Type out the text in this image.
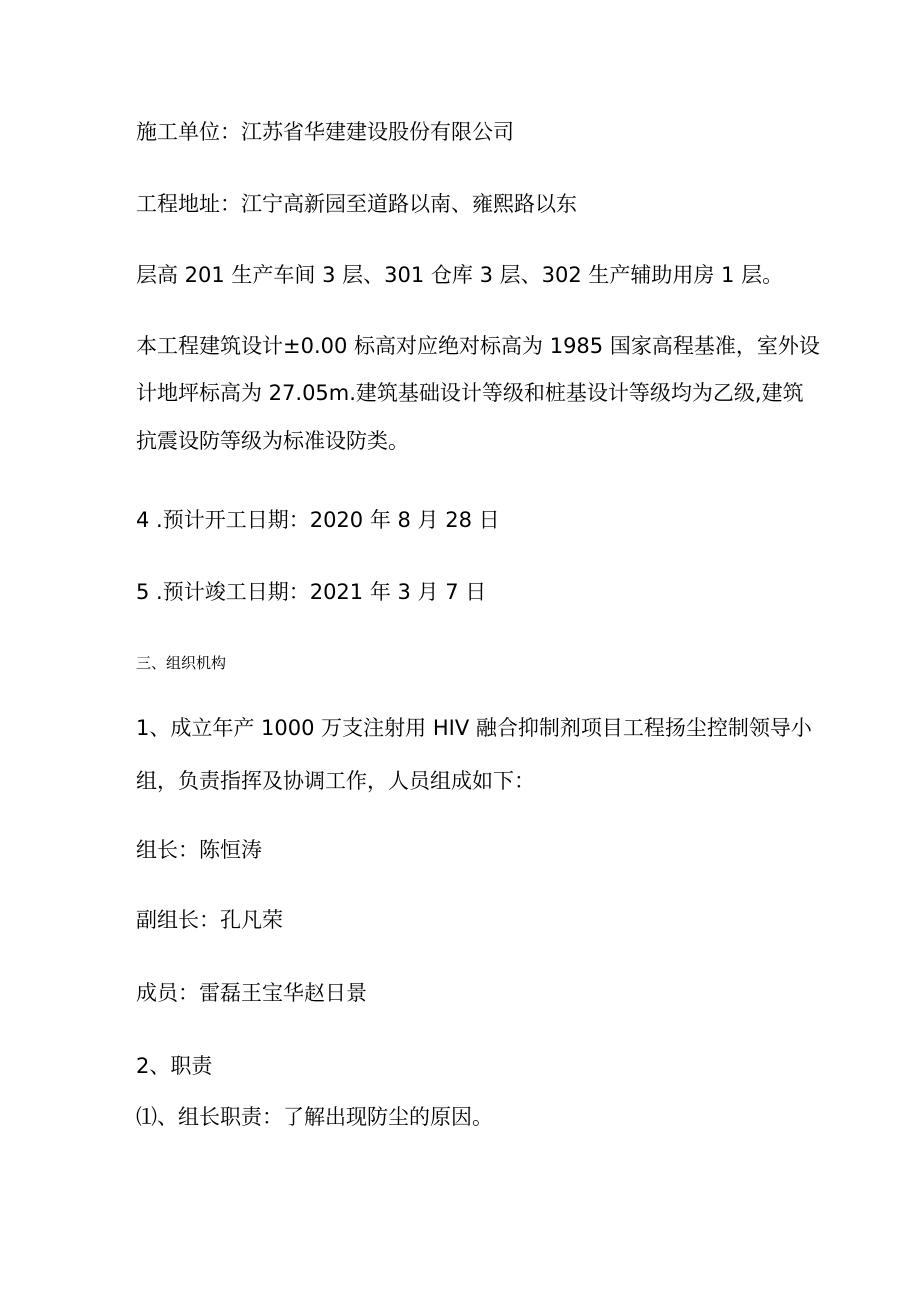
施工单位：江苏省华建建设股份有限公司
工程地址：江宁高新园至道路以南、雍熙路以东
层高 201 生产车间 3 层、301 仓库 3 层、302 生产辅助用房 1 层。
本工程建筑设计±0.00 标高对应绝对标高为 1985 国家高程基准，室外设
计地坪标高为 27.05m.建筑基础设计等级和桩基设计等级均为乙级,建筑
抗震设防等级为标准设防类。
4 .预计开工日期：2020 年 8 月 28 日
5 .预计竣工日期：2021 年 3 月 7 日
三、组织机构
1、成立年产 1000 万支注射用 HIV 融合抑制剂项目工程扬尘控制领导小
组，负责指挥及协调工作，人员组成如下：
组长：陈恒涛
副组长：孔凡荣
成员：雷磊王宝华赵日景
2、职责
⑴、组长职责：了解出现防尘的原因。
